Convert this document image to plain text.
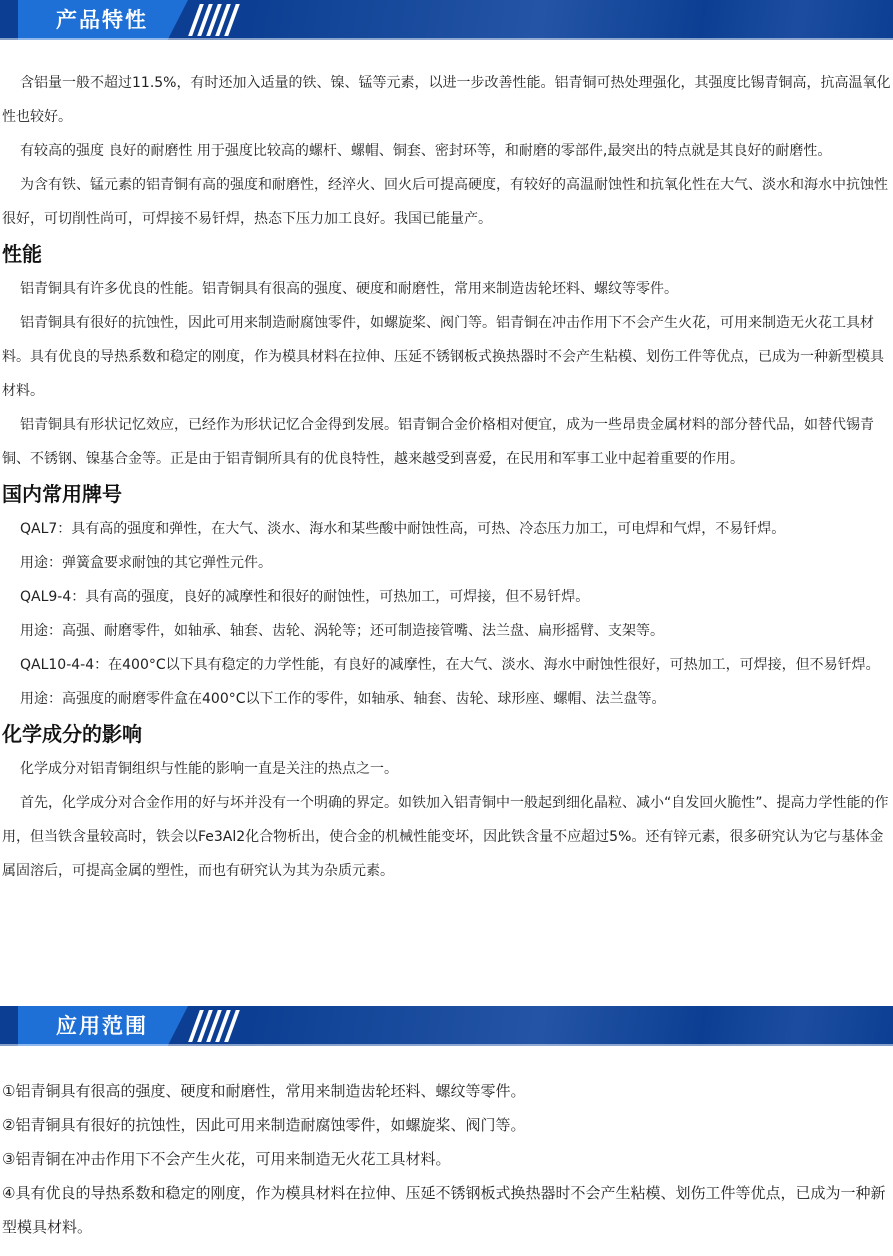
产品特性

含铝量一般不超过11.5%，有时还加入适量的铁、镍、锰等元素，以进一步改善性能。铝青铜可热处理强化，其强度比锡青铜高，抗高温氧化性也较好。

有较高的强度 良好的耐磨性 用于强度比较高的螺杆、螺帽、铜套、密封环等，和耐磨的零部件,最突出的特点就是其良好的耐磨性。

为含有铁、锰元素的铝青铜有高的强度和耐磨性，经淬火、回火后可提高硬度，有较好的高温耐蚀性和抗氧化性在大气、淡水和海水中抗蚀性很好，可切削性尚可，可焊接不易钎焊，热态下压力加工良好。我国已能量产。

性能

铝青铜具有许多优良的性能。铝青铜具有很高的强度、硬度和耐磨性，常用来制造齿轮坯料、螺纹等零件。

铝青铜具有很好的抗蚀性，因此可用来制造耐腐蚀零件，如螺旋桨、阀门等。铝青铜在冲击作用下不会产生火花，可用来制造无火花工具材料。具有优良的导热系数和稳定的刚度，作为模具材料在拉伸、压延不锈钢板式换热器时不会产生粘模、划伤工件等优点，已成为一种新型模具材料。

铝青铜具有形状记忆效应，已经作为形状记忆合金得到发展。铝青铜合金价格相对便宜，成为一些昂贵金属材料的部分替代品，如替代锡青铜、不锈钢、镍基合金等。正是由于铝青铜所具有的优良特性，越来越受到喜爱，在民用和军事工业中起着重要的作用。

国内常用牌号

QAL7：具有高的强度和弹性，在大气、淡水、海水和某些酸中耐蚀性高，可热、冷态压力加工，可电焊和气焊，不易钎焊。

用途：弹簧盒要求耐蚀的其它弹性元件。

QAL9-4：具有高的强度，良好的减摩性和很好的耐蚀性，可热加工，可焊接，但不易钎焊。

用途：高强、耐磨零件，如轴承、轴套、齿轮、涡轮等；还可制造接管嘴、法兰盘、扁形摇臂、支架等。

QAL10-4-4：在400°C以下具有稳定的力学性能，有良好的减摩性，在大气、淡水、海水中耐蚀性很好，可热加工，可焊接，但不易钎焊。

用途：高强度的耐磨零件盒在400°C以下工作的零件，如轴承、轴套、齿轮、球形座、螺帽、法兰盘等。

化学成分的影响

化学成分对铝青铜组织与性能的影响一直是关注的热点之一。

首先，化学成分对合金作用的好与坏并没有一个明确的界定。如铁加入铝青铜中一般起到细化晶粒、减小“自发回火脆性”、提高力学性能的作用，但当铁含量较高时，铁会以Fe3Al2化合物析出，使合金的机械性能变坏，因此铁含量不应超过5%。还有锌元素，很多研究认为它与基体金属固溶后，可提高金属的塑性，而也有研究认为其为杂质元素。

应用范围

①铝青铜具有很高的强度、硬度和耐磨性，常用来制造齿轮坯料、螺纹等零件。

②铝青铜具有很好的抗蚀性，因此可用来制造耐腐蚀零件，如螺旋桨、阀门等。

③铝青铜在冲击作用下不会产生火花，可用来制造无火花工具材料。

④具有优良的导热系数和稳定的刚度，作为模具材料在拉伸、压延不锈钢板式换热器时不会产生粘模、划伤工件等优点，已成为一种新型模具材料。
